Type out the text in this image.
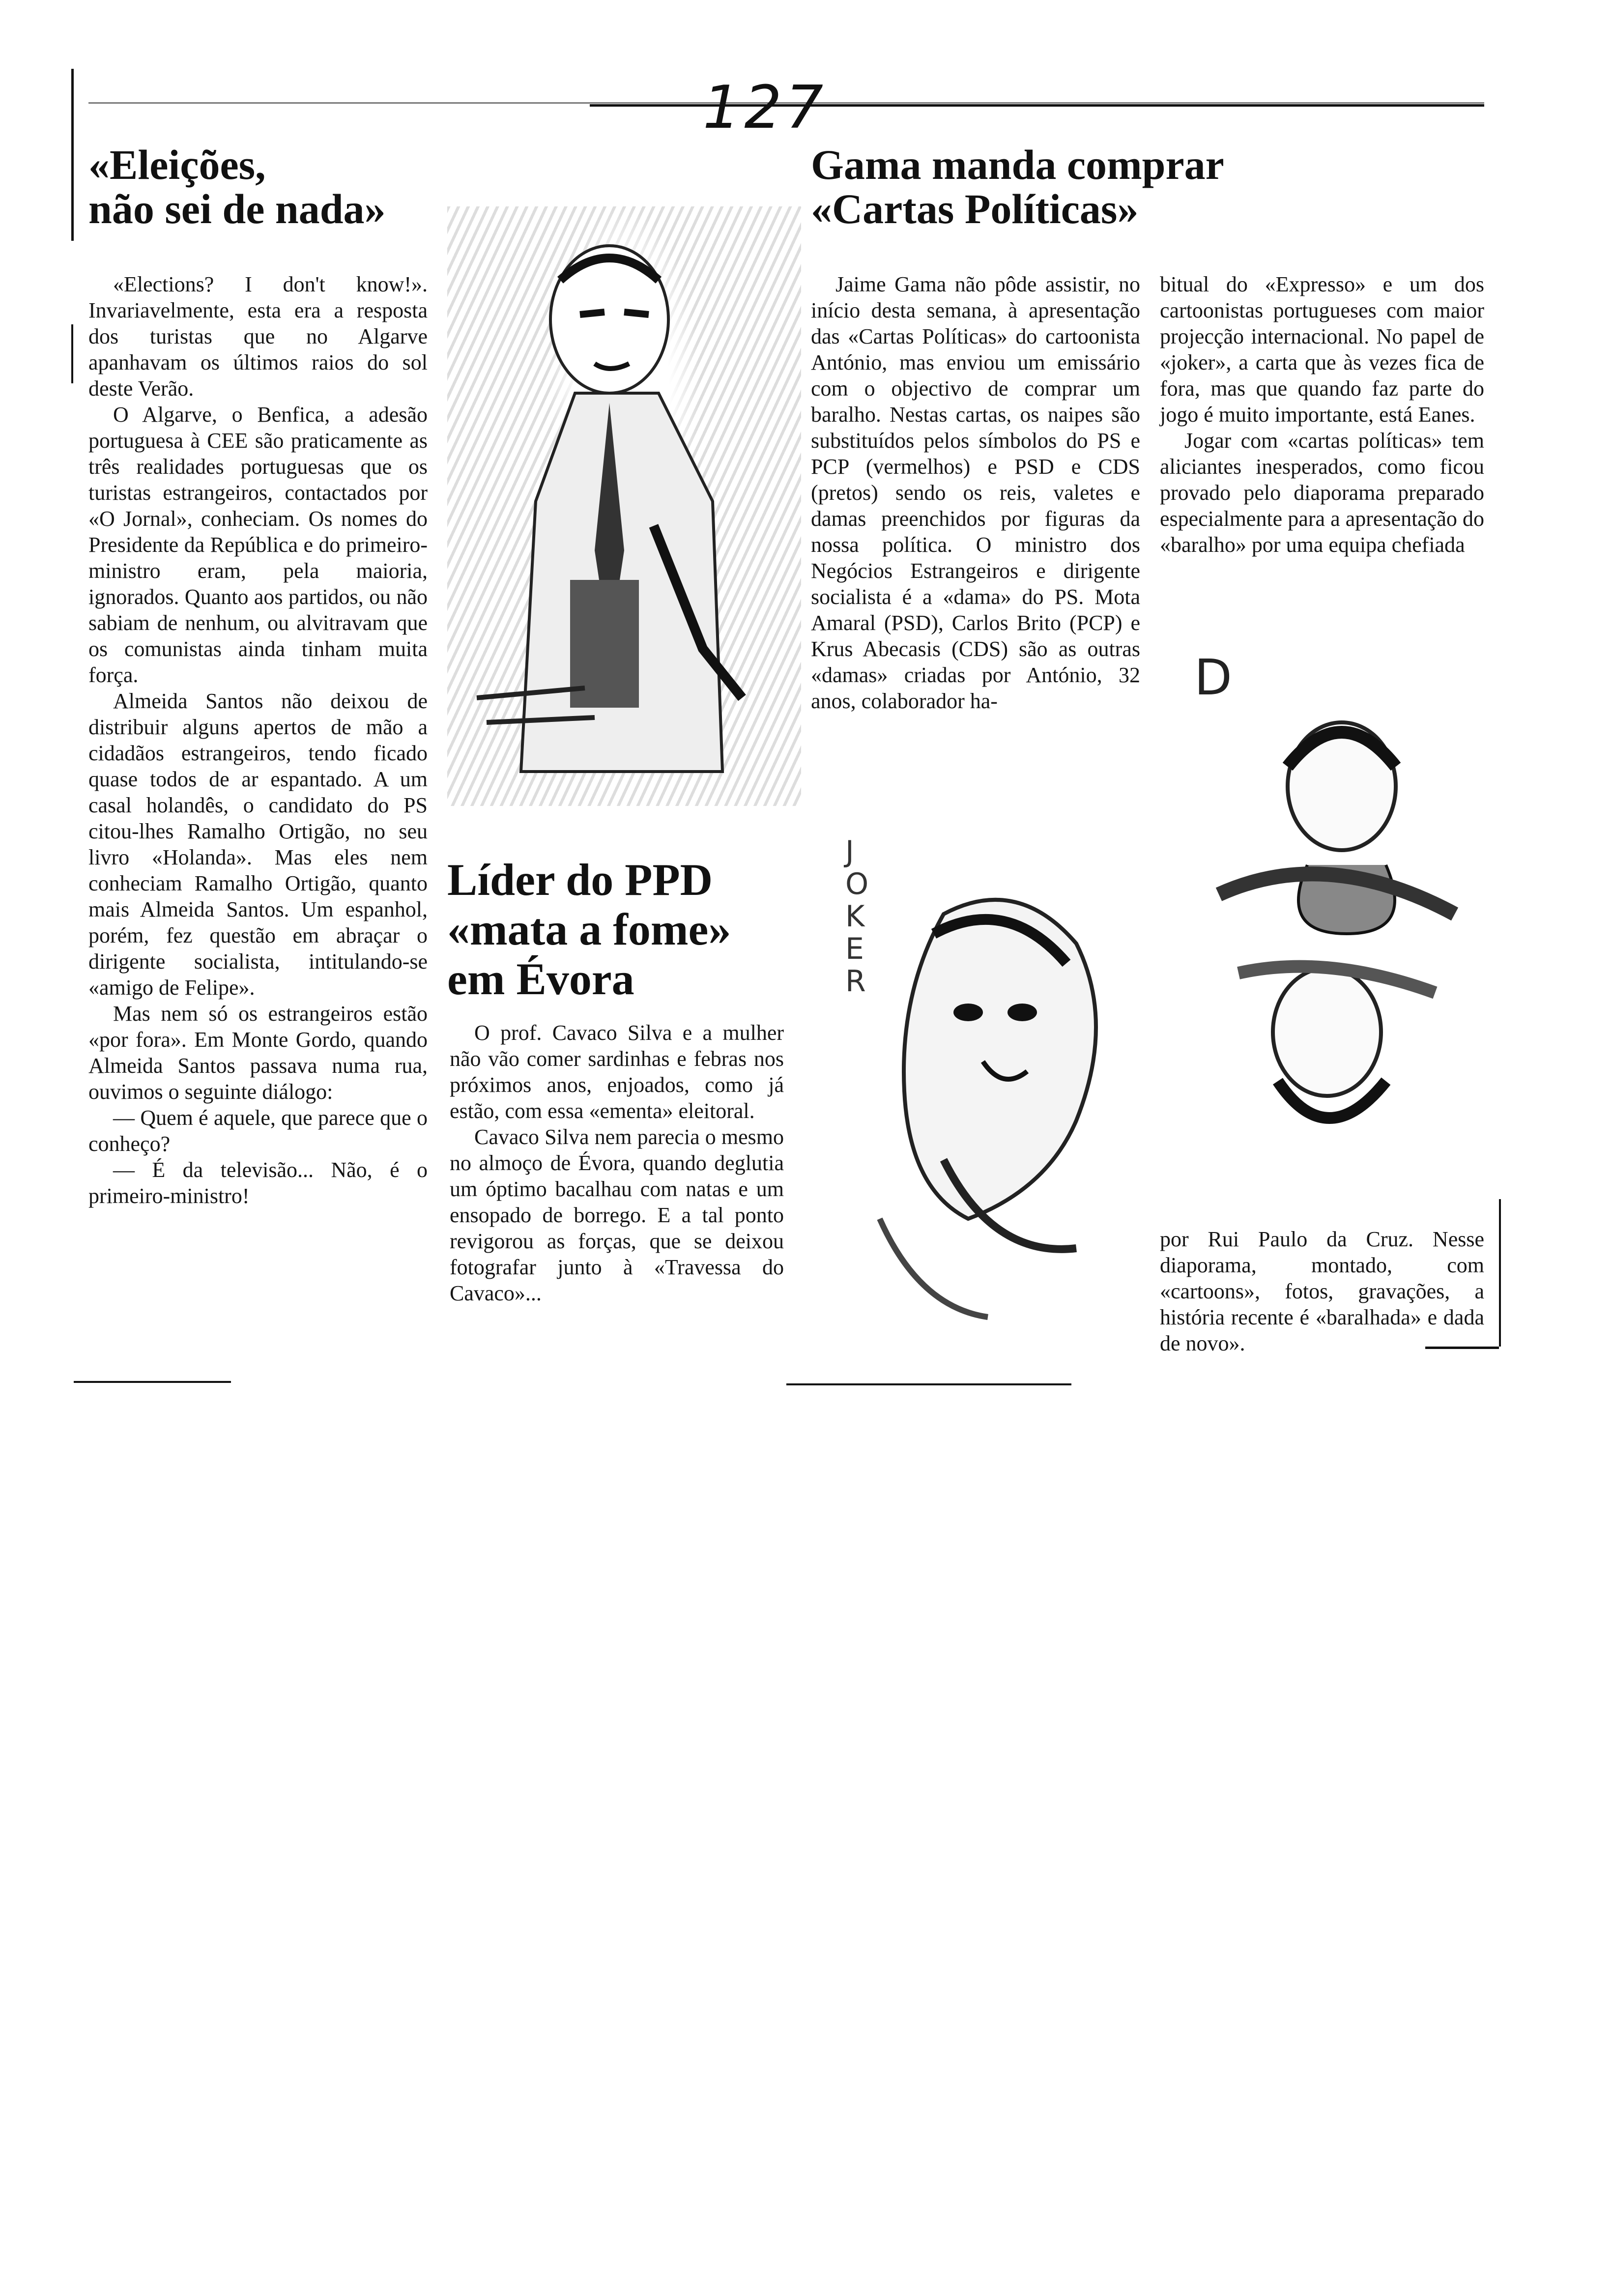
127
«Eleições,
não sei de nada»

«Elections? I don't know!». Invariavelmente, esta era a resposta dos turistas que no Algarve apanhavam os últimos raios do sol deste Verão.

O Algarve, o Benfica, a adesão portuguesa à CEE são praticamente as três realidades portuguesas que os turistas estrangeiros, contactados por «O Jornal», conheciam. Os nomes do Presidente da República e do primeiro-ministro eram, pela maioria, ignorados. Quanto aos partidos, ou não sabiam de nenhum, ou alvitravam que os comunistas ainda tinham muita força.

Almeida Santos não deixou de distribuir alguns apertos de mão a cidadãos estrangeiros, tendo ficado quase todos de ar espantado. A um casal holandês, o candidato do PS citou-lhes Ramalho Ortigão, no seu livro «Holanda». Mas eles nem conheciam Ramalho Ortigão, quanto mais Almeida Santos. Um espanhol, porém, fez questão em abraçar o dirigente socialista, intitulando-se «amigo de Felipe».

Mas nem só os estrangeiros estão «por fora». Em Monte Gordo, quando Almeida Santos passava numa rua, ouvimos o seguinte diálogo:

— Quem é aquele, que parece que o conheço?

— É da televisão... Não, é o primeiro-ministro!

Líder do PPD
«mata a fome»
em Évora

O prof. Cavaco Silva e a mulher não vão comer sardinhas e febras nos próximos anos, enjoados, como já estão, com essa «ementa» eleitoral.

Cavaco Silva nem parecia o mesmo no almoço de Évora, quando deglutia um óptimo bacalhau com natas e um ensopado de borrego. E a tal ponto revigorou as forças, que se deixou fotografar junto à «Travessa do Cavaco»...

Gama manda comprar
«Cartas Políticas»

Jaime Gama não pôde assistir, no início desta semana, à apresentação das «Cartas Políticas» do cartoonista António, mas enviou um emissário com o objectivo de comprar um baralho. Nestas cartas, os naipes são substituídos pelos símbolos do PS e PCP (vermelhos) e PSD e CDS (pretos) sendo os reis, valetes e damas preenchidos por figuras da nossa política. O ministro dos Negócios Estrangeiros e dirigente socialista é a «dama» do PS. Mota Amaral (PSD), Carlos Brito (PCP) e Krus Abecasis (CDS) são as outras «damas» criadas por António, 32 anos, colaborador ha-

bitual do «Expresso» e um dos cartoonistas portugueses com maior projecção internacional. No papel de «joker», a carta que às vezes fica de fora, mas que quando faz parte do jogo é muito importante, está Eanes.

Jogar com «cartas políticas» tem aliciantes inesperados, como ficou provado pelo diaporama preparado especialmente para a apresentação do «baralho» por uma equipa chefiada

JOKER
D

por Rui Paulo da Cruz. Nesse diaporama, montado, com «cartoons», fotos, gravações, a história recente é «baralhada» e dada de novo».
